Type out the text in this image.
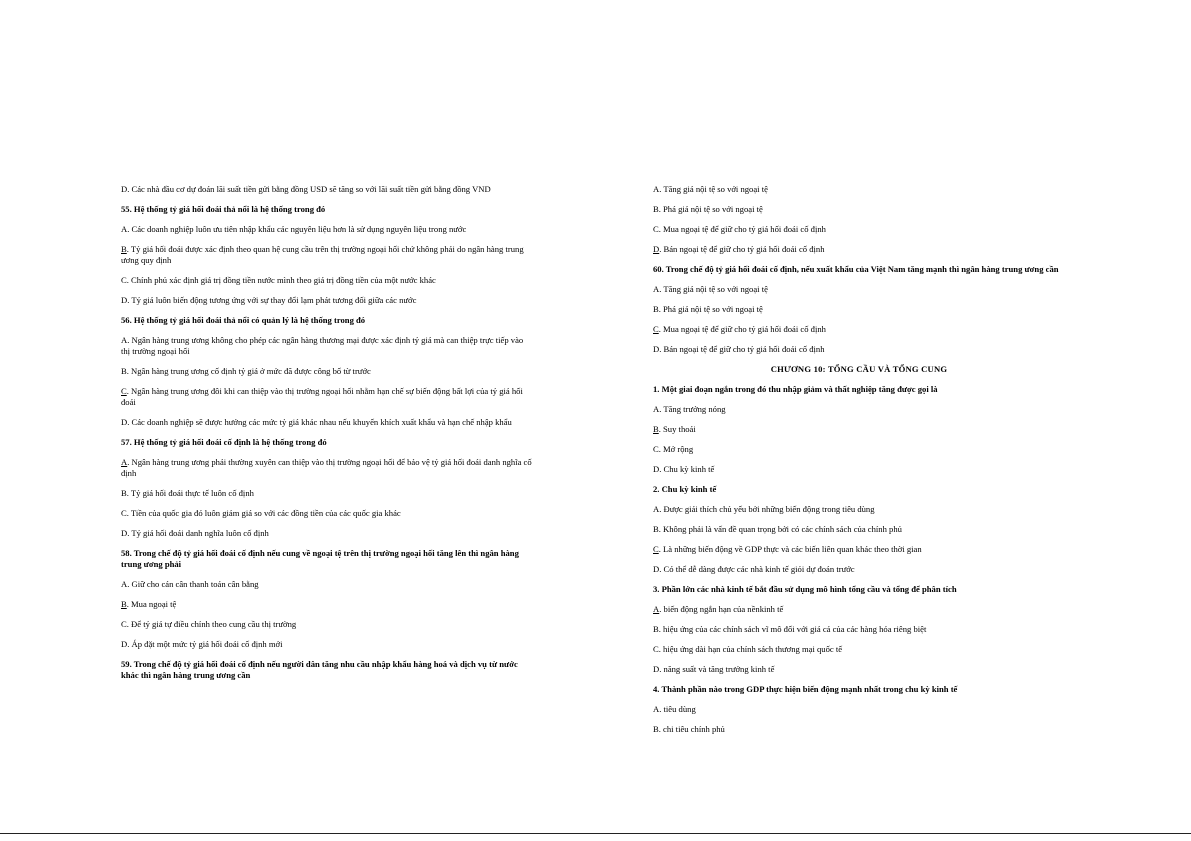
D. Các nhà đầu cơ dự đoán lãi suất tiền gửi bằng đồng USD sẽ tăng so với lãi suất tiền gửi bằng đồng VND
55. Hệ thống tỷ giá hối đoái thả nổi là hệ thống trong đó
A. Các doanh nghiệp luôn ưu tiên nhập khẩu các nguyên liệu hơn là sử dụng nguyên liệu trong nước
B. Tỷ giá hối đoái được xác định theo quan hệ cung cầu trên thị trường ngoại hối chứ không phải do ngân hàng trung ương quy định
C. Chính phủ xác định giá trị đồng tiền nước mình theo giá trị đồng tiền của một nước khác
D. Tỷ giá luôn biến động tương ứng với sự thay đổi lạm phát tương đối giữa các nước
56. Hệ thống tỷ giá hối đoái thả nổi có quản lý là hệ thống trong đó
A. Ngân hàng trung ương không cho phép các ngân hàng thương mại được xác định tỷ giá mà can thiệp trực tiếp vào thị trường ngoại hối
B. Ngân hàng trung ương cố định tỷ giá ở mức đã được công bố từ trước
C. Ngân hàng trung ương đôi khi can thiệp vào thị trường ngoại hối nhằm hạn chế sự biến động bất lợi của tỷ giá hối đoái
D. Các doanh nghiệp sẽ được hưởng các mức tỷ giá khác nhau nếu khuyến khích xuất khẩu và hạn chế nhập khẩu
57. Hệ thống tỷ giá hối đoái cố định là hệ thống trong đó
A. Ngân hàng trung ương phải thường xuyên can thiệp vào thị trường ngoại hối để bảo vệ tỷ giá hối đoái danh nghĩa cố định
B. Tỷ giá hối đoái thực tế luôn cố định
C. Tiền của quốc gia đó luôn giảm giá so với các đồng tiền của các quốc gia khác
D. Tỷ giá hối đoái danh nghĩa luôn cố định
58. Trong chế độ tỷ giá hối đoái cố định nếu cung về ngoại tệ trên thị trường ngoại hối tăng lên thì ngân hàng trung ương phải
A. Giữ cho cán cân thanh toán cân bằng
B. Mua ngoại tệ
C. Để tỷ giá tự điều chỉnh theo cung cầu thị trường
D. Áp đặt một mức tỷ giá hối đoái cố định mới
59. Trong chế độ tỷ giá hối đoái cố định nếu người dân tăng nhu cầu nhập khẩu hàng hoá và dịch vụ từ nước khác thì ngân hàng trung ương cần
A. Tăng giá nội tệ so với ngoại tệ
B. Phá giá nội tệ so với ngoại tệ
C. Mua ngoại tệ để giữ cho tỷ giá hối đoái cố định
D. Bán ngoại tệ để giữ cho tỷ giá hối đoái cố định
60. Trong chế độ tỷ giá hối đoái cố định, nếu xuất khẩu của Việt Nam tăng mạnh thì ngân hàng trung ương cần
A. Tăng giá nội tệ so với ngoại tệ
B. Phá giá nội tệ so với ngoại tệ
C. Mua ngoại tệ để giữ cho tỷ giá hối đoái cố định
D. Bán ngoại tệ để giữ cho tỷ giá hối đoái cố định
CHƯƠNG 10: TỔNG CẦU VÀ TỔNG CUNG
1. Một giai đoạn ngắn trong đó thu nhập giảm và thất nghiệp tăng được gọi là
A. Tăng trưởng nóng
B. Suy thoái
C. Mở rộng
D. Chu kỳ kinh tế
2. Chu kỳ kinh tế
A. Được giải thích chủ yếu bởi những biến động trong tiêu dùng
B. Không phải là vấn đề quan trọng bởi có các chính sách của chính phủ
C. Là những biến động về GDP thực và các biến liên quan khác theo thời gian
D. Có thể dễ dàng được các nhà kinh tế giỏi dự đoán trước
3. Phần lớn các nhà kinh tế bắt đầu sử dụng mô hình tổng cầu và tổng để phân tích
A. biến động ngắn hạn của nềnkinh tế
B. hiệu ứng của các chính sách vĩ mô đối với giá cả của các hàng hóa riêng biệt
C. hiệu ứng dài hạn của chính sách thương mại quốc tế
D. năng suất và tăng trưởng kinh tế
4. Thành phần nào trong GDP thực hiện biến động mạnh nhất trong chu kỳ kinh tế
A. tiêu dùng
B. chi tiêu chính phủ
